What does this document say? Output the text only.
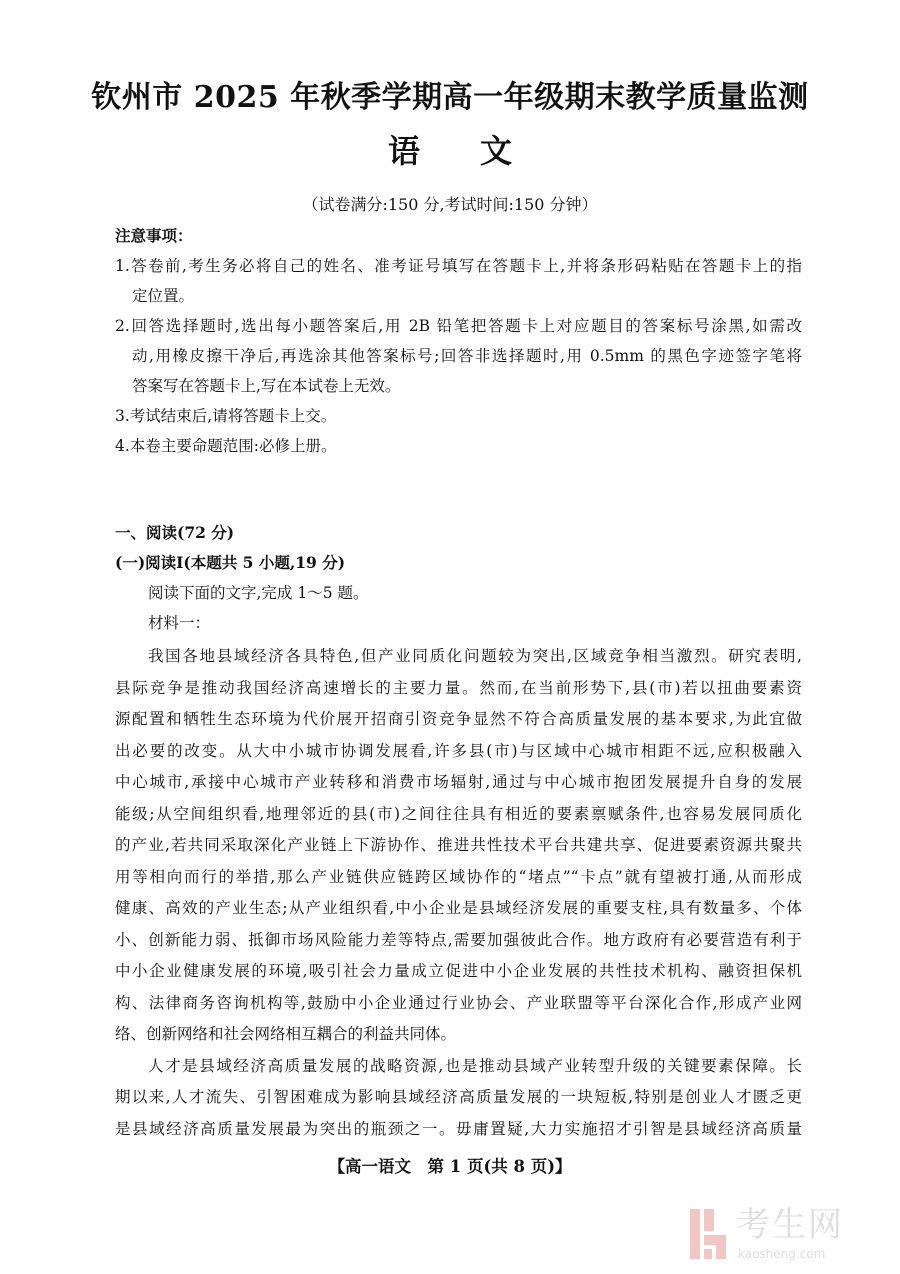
钦州市 2025 年秋季学期高一年级期末教学质量监测
语 文
（试卷满分:150 分,考试时间:150 分钟）
注意事项：
1.答卷前,考生务必将自己的姓名、准考证号填写在答题卡上,并将条形码粘贴在答题卡上的指
定位置。
2.回答选择题时,选出每小题答案后,用 2B 铅笔把答题卡上对应题目的答案标号涂黑,如需改
动,用橡皮擦干净后,再选涂其他答案标号;回答非选择题时,用 0.5mm 的黑色字迹签字笔将
答案写在答题卡上,写在本试卷上无效。
3.考试结束后,请将答题卡上交。
4.本卷主要命题范围:必修上册。
一、阅读(72 分)
(一)阅读Ⅰ(本题共 5 小题,19 分)
阅读下面的文字,完成 1～5 题。
材料一：
我国各地县域经济各具特色,但产业同质化问题较为突出,区域竞争相当激烈。研究表明,
县际竞争是推动我国经济高速增长的主要力量。然而,在当前形势下,县(市)若以扭曲要素资
源配置和牺牲生态环境为代价展开招商引资竞争显然不符合高质量发展的基本要求,为此宜做
出必要的改变。从大中小城市协调发展看,许多县(市)与区域中心城市相距不远,应积极融入
中心城市,承接中心城市产业转移和消费市场辐射,通过与中心城市抱团发展提升自身的发展
能级;从空间组织看,地理邻近的县(市)之间往往具有相近的要素禀赋条件,也容易发展同质化
的产业,若共同采取深化产业链上下游协作、推进共性技术平台共建共享、促进要素资源共聚共
用等相向而行的举措,那么产业链供应链跨区域协作的“堵点”“卡点”就有望被打通,从而形成
健康、高效的产业生态;从产业组织看,中小企业是县域经济发展的重要支柱,具有数量多、个体
小、创新能力弱、抵御市场风险能力差等特点,需要加强彼此合作。地方政府有必要营造有利于
中小企业健康发展的环境,吸引社会力量成立促进中小企业发展的共性技术机构、融资担保机
构、法律商务咨询机构等,鼓励中小企业通过行业协会、产业联盟等平台深化合作,形成产业网
络、创新网络和社会网络相互耦合的利益共同体。
人才是县域经济高质量发展的战略资源,也是推动县域产业转型升级的关键要素保障。长
期以来,人才流失、引智困难成为影响县域经济高质量发展的一块短板,特别是创业人才匮乏更
是县域经济高质量发展最为突出的瓶颈之一。毋庸置疑,大力实施招才引智是县域经济高质量
【高一语文　第 1 页(共 8 页)】
考生网
kaosheng.com
